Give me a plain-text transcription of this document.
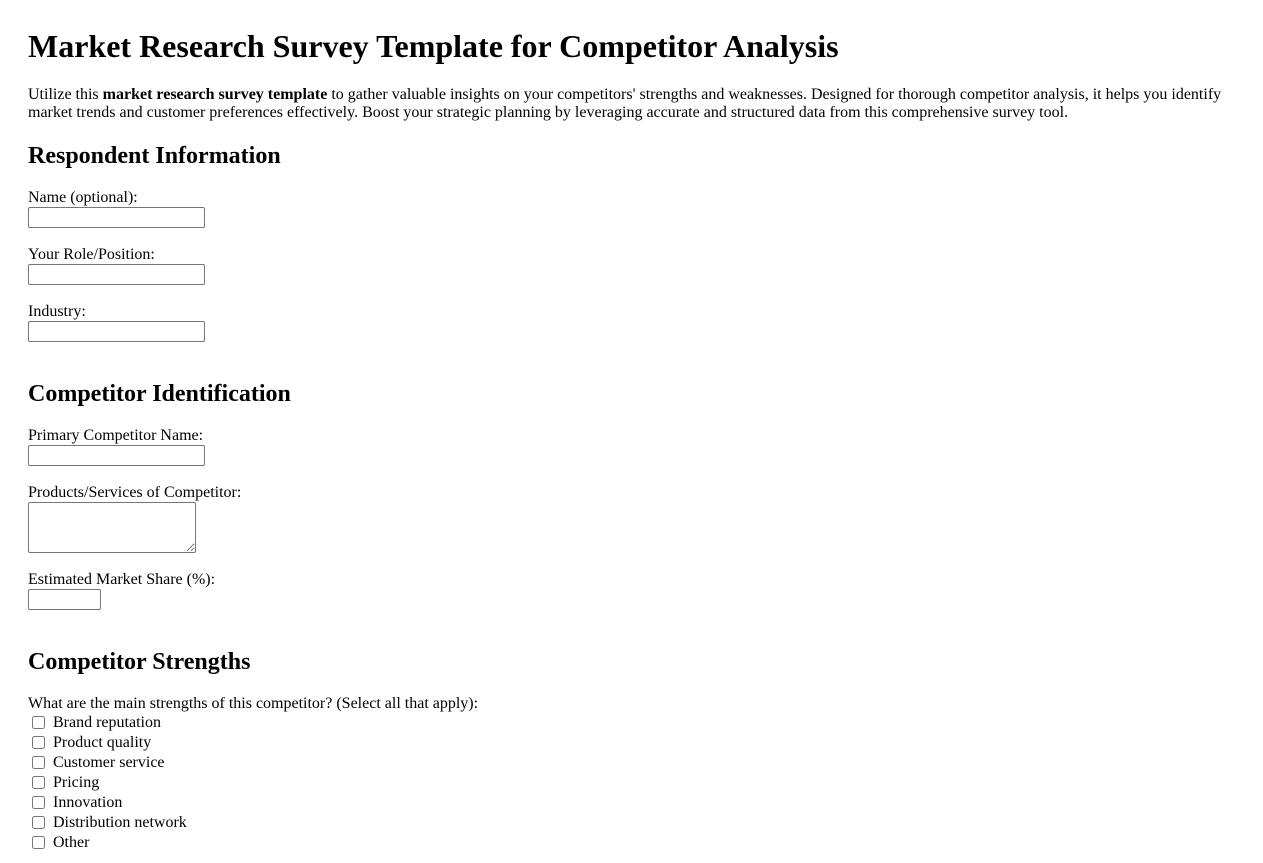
Market Research Survey Template for Competitor Analysis

Utilize this market research survey template to gather valuable insights on your competitors' strengths and weaknesses. Designed for thorough competitor analysis, it helps you identify market trends and customer preferences effectively. Boost your strategic planning by leveraging accurate and structured data from this comprehensive survey tool.

Respondent Information
Name (optional):
Your Role/Position:
Industry:
Competitor Identification
Primary Competitor Name:
Products/Services of Competitor:
Estimated Market Share (%):
Competitor Strengths
What are the main strengths of this competitor? (Select all that apply):
Brand reputation
Product quality
Customer service
Pricing
Innovation
Distribution network
Other
